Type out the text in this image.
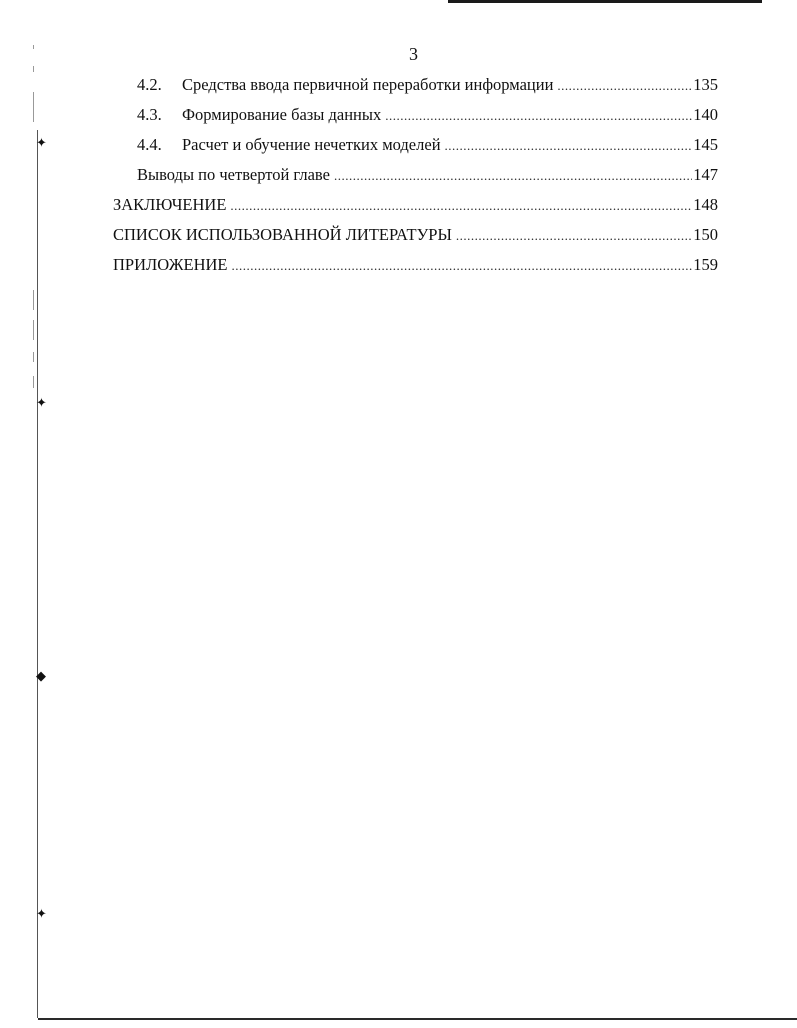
✦
✦
◆
✦
3
4.2.	Средства ввода первичной переработки информации .....	135
4.3.	Формирование базы данных .....	140
4.4.	Расчет и обучение нечетких моделей .....	145
Выводы по четвертой главе .....	147
ЗАКЛЮЧЕНИЕ .....	148
СПИСОК ИСПОЛЬЗОВАННОЙ ЛИТЕРАТУРЫ .....	150
ПРИЛОЖЕНИЕ .....	159
